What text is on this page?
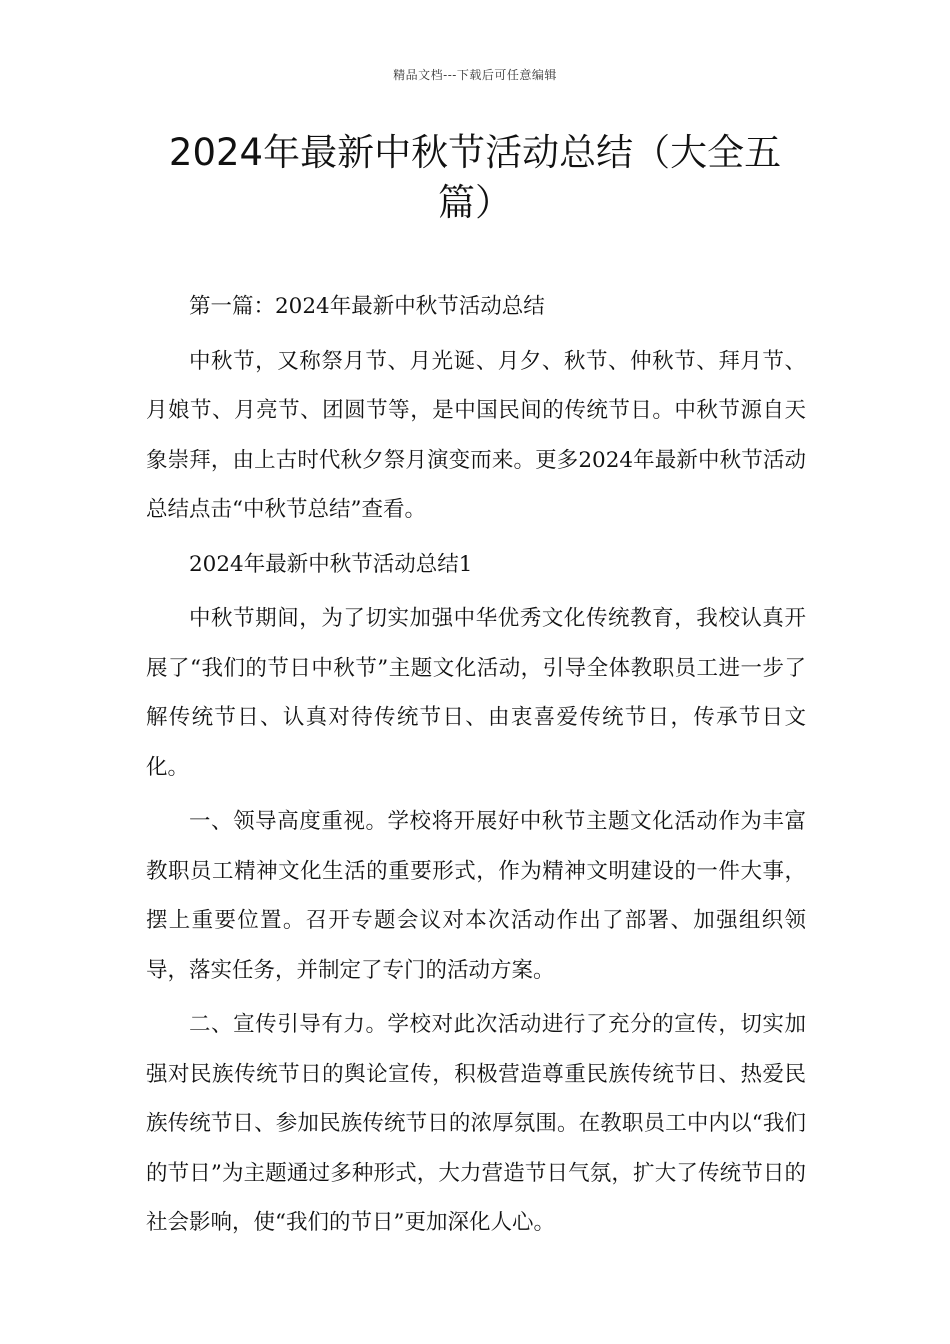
精品文档---下载后可任意编辑
2024年最新中秋节活动总结（大全五篇）

第一篇：2024年最新中秋节活动总结

中秋节，又称祭月节、月光诞、月夕、秋节、仲秋节、拜月节、月娘节、月亮节、团圆节等，是中国民间的传统节日。中秋节源自天象崇拜，由上古时代秋夕祭月演变而来。更多2024年最新中秋节活动总结点击“中秋节总结”查看。

2024年最新中秋节活动总结1

中秋节期间，为了切实加强中华优秀文化传统教育，我校认真开展了“我们的节日中秋节”主题文化活动，引导全体教职员工进一步了解传统节日、认真对待传统节日、由衷喜爱传统节日，传承节日文化。

一、领导高度重视。学校将开展好中秋节主题文化活动作为丰富教职员工精神文化生活的重要形式，作为精神文明建设的一件大事，摆上重要位置。召开专题会议对本次活动作出了部署、加强组织领导，落实任务，并制定了专门的活动方案。

二、宣传引导有力。学校对此次活动进行了充分的宣传，切实加强对民族传统节日的舆论宣传，积极营造尊重民族传统节日、热爱民族传统节日、参加民族传统节日的浓厚氛围。在教职员工中内以“我们的节日”为主题通过多种形式，大力营造节日气氛，扩大了传统节日的社会影响，使“我们的节日”更加深化人心。
